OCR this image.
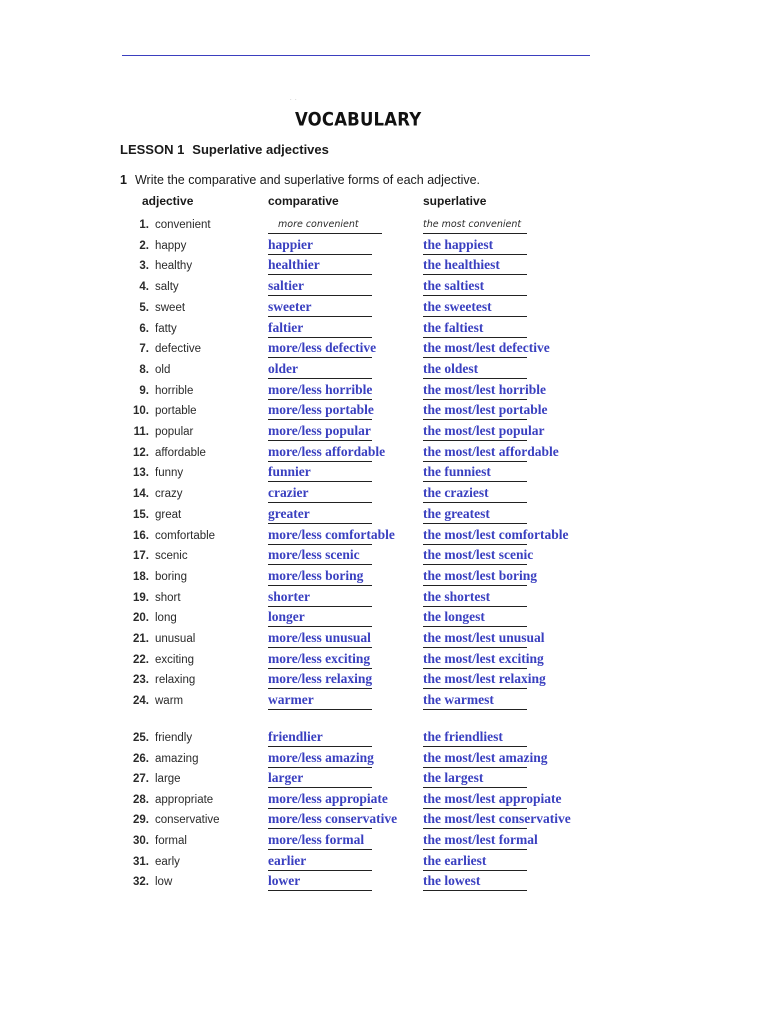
· ·
VOCABULARY
LESSON 1 Superlative adjectives
1 Write the comparative and superlative forms of each adjective.
adjective	comparative	superlative
1. convenient	more convenient	the most convenient
2. happy	happier	the happiest
3. healthy	healthier	the healthiest
4. salty	saltier	the saltiest
5. sweet	sweeter	the sweetest
6. fatty	faltier	the faltiest
7. defective	more/less defective	the most/lest defective
8. old	older	the oldest
9. horrible	more/less horrible	the most/lest horrible
10. portable	more/less portable	the most/lest portable
11. popular	more/less popular	the most/lest popular
12. affordable	more/less affordable	the most/lest affordable
13. funny	funnier	the funniest
14. crazy	crazier	the craziest
15. great	greater	the greatest
16. comfortable	more/less comfortable the most/lest comfortable
17. scenic	more/less scenic	the most/lest scenic
18. boring	more/less boring	the most/lest boring
19. short	shorter	the shortest
20. long	longer	the longest
21. unusual	more/less unusual	the most/lest unusual
22. exciting	more/less exciting	the most/lest exciting
23. relaxing	more/less relaxing	the most/lest relaxing
24. warm	warmer	the warmest
25. friendly	friendlier	the friendliest
26. amazing	more/less amazing	the most/lest amazing
27. large	larger	the largest
28. appropriate	more/less appropiate	the most/lest appropiate
29. conservative	more/less conservative the most/lest conservative
30. formal	more/less formal	the most/lest formal
31. early	earlier	the earliest
32. low	lower	the lowest
